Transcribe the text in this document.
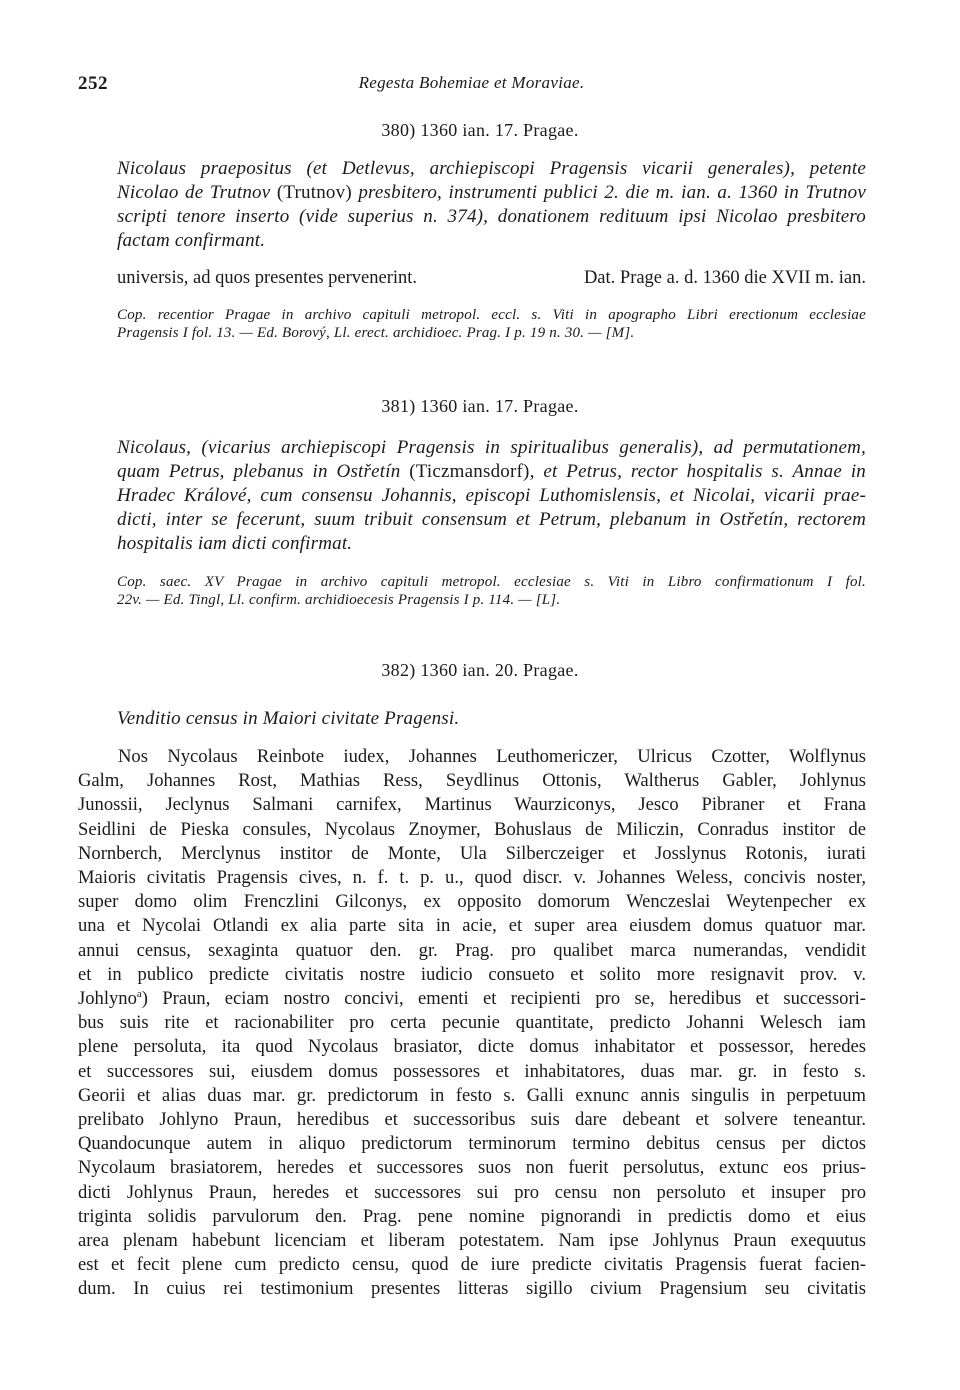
252	Regesta Bohemiae et Moraviae.
380) 1360 ian. 17. Pragae.
Nicolaus praepositus (et Detlevus, archiepiscopi Pragensis vicarii generales), petente
Nicolao de Trutnov (Trutnov) presbitero, instrumenti publici 2. die m. ian. a. 1360 in Trutnov
scripti tenore inserto (vide superius n. 374), donationem redituum ipsi Nicolao presbitero
factam confirmant.
universis, ad quos presentes pervenerint.	Dat. Prage a. d. 1360 die XVII m. ian.
Cop. recentior Pragae in archivo capituli metropol. eccl. s. Viti in apographo Libri erectionum ecclesiae
Pragensis I fol. 13. — Ed. Borový, Ll. erect. archidioec. Prag. I p. 19 n. 30. — [M].
381) 1360 ian. 17. Pragae.
Nicolaus, (vicarius archiepiscopi Pragensis in spiritualibus generalis), ad permutationem,
quam Petrus, plebanus in Ostřetín (Ticzmansdorf), et Petrus, rector hospitalis s. Annae in
Hradec Králové, cum consensu Johannis, episcopi Luthomislensis, et Nicolai, vicarii prae-
dicti, inter se fecerunt, suum tribuit consensum et Petrum, plebanum in Ostřetín, rectorem
hospitalis iam dicti confirmat.
Cop. saec. XV Pragae in archivo capituli metropol. ecclesiae s. Viti in Libro confirmationum I fol.
22v. — Ed. Tingl, Ll. confirm. archidioecesis Pragensis I p. 114. — [L].
382) 1360 ian. 20. Pragae.
Venditio census in Maiori civitate Pragensi.
Nos Nycolaus Reinbote iudex, Johannes Leuthomericzer, Ulricus Czotter, Wolflynus
Galm, Johannes Rost, Mathias Ress, Seydlinus Ottonis, Waltherus Gabler, Johlynus
Junossii, Jeclynus Salmani carnifex, Martinus Waurziconys, Jesco Pibraner et Frana
Seidlini de Pieska consules, Nycolaus Znoymer, Bohuslaus de Miliczin, Conradus institor de
Nornberch, Merclynus institor de Monte, Ula Silberczeiger et Josslynus Rotonis, iurati
Maioris civitatis Pragensis cives, n. f. t. p. u., quod discr. v. Johannes Weless, concivis noster,
super domo olim Frenczlini Gilconys, ex opposito domorum Wenczeslai Weytenpecher ex
una et Nycolai Otlandi ex alia parte sita in acie, et super area eiusdem domus quatuor mar.
annui census, sexaginta quatuor den. gr. Prag. pro qualibet marca numerandas, vendidit
et in publico predicte civitatis nostre iudicio consueto et solito more resignavit prov. v.
Johlyno$^a$) Praun, eciam nostro concivi, ementi et recipienti pro se, heredibus et successori-
bus suis rite et racionabiliter pro certa pecunie quantitate, predicto Johanni Welesch iam
plene persoluta, ita quod Nycolaus brasiator, dicte domus inhabitator et possessor, heredes
et successores sui, eiusdem domus possessores et inhabitatores, duas mar. gr. in festo s.
Georii et alias duas mar. gr. predictorum in festo s. Galli exnunc annis singulis in perpetuum
prelibato Johlyno Praun, heredibus et successoribus suis dare debeant et solvere teneantur.
Quandocunque autem in aliquo predictorum terminorum termino debitus census per dictos
Nycolaum brasiatorem, heredes et successores suos non fuerit persolutus, extunc eos prius-
dicti Johlynus Praun, heredes et successores sui pro censu non persoluto et insuper pro
triginta solidis parvulorum den. Prag. pene nomine pignorandi in predictis domo et eius
area plenam habebunt licenciam et liberam potestatem. Nam ipse Johlynus Praun exequutus
est et fecit plene cum predicto censu, quod de iure predicte civitatis Pragensis fuerat facien-
dum. In cuius rei testimonium presentes litteras sigillo civium Pragensium seu civitatis
